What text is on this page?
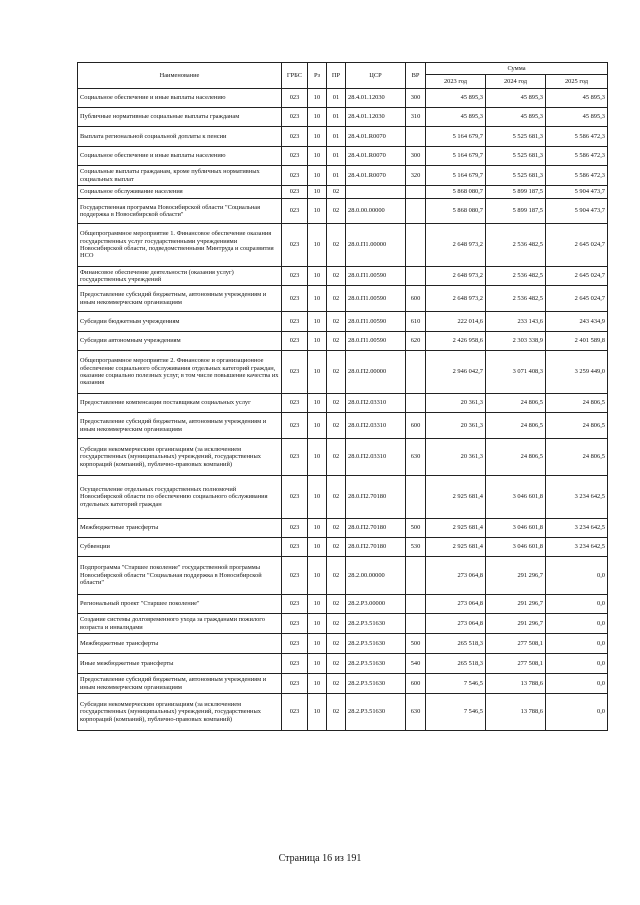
Наименование	ГРБС	Рз	ПР	ЦСР	ВР	Сумма		
						2023 год	2024 год	2025 год
Социальное обеспечение и иные выплаты населению	023	10	01	28.4.01.12030	300	45 895,3	45 895,3	45 895,3
Публичные нормативные социальные выплаты гражданам	023	10	01	28.4.01.12030	310	45 895,3	45 895,3	45 895,3
Выплата региональной социальной доплаты к пенсии	023	10	01	28.4.01.R0070		5 164 679,7	5 525 681,3	5 586 472,3
Социальное обеспечение и иные выплаты населению	023	10	01	28.4.01.R0070	300	5 164 679,7	5 525 681,3	5 586 472,3
Социальные выплаты гражданам, кроме публичных нормативных социальных выплат	023	10	01	28.4.01.R0070	320	5 164 679,7	5 525 681,3	5 586 472,3
Социальное обслуживание населения	023	10	02			5 868 080,7	5 899 187,5	5 904 473,7
Государственная программа Новосибирской области "Социальная поддержка в Новосибирской области"	023	10	02	28.0.00.00000		5 868 080,7	5 899 187,5	5 904 473,7
Общепрограммное мероприятие 1. Финансовое обеспечение оказания государственных услуг государственными учреждениями Новосибирской области, подведомственными Минтруда и соцразвития НСО	023	10	02	28.0.П1.00000		2 648 973,2	2 536 482,5	2 645 024,7
Финансовое обеспечение деятельности (оказания услуг) государственных учреждений	023	10	02	28.0.П1.00590		2 648 973,2	2 536 482,5	2 645 024,7
Предоставление субсидий бюджетным, автономным учреждениям и иным некоммерческим организациям	023	10	02	28.0.П1.00590	600	2 648 973,2	2 536 482,5	2 645 024,7
Субсидии бюджетным учреждениям	023	10	02	28.0.П1.00590	610	222 014,6	233 143,6	243 434,9
Субсидии автономным учреждениям	023	10	02	28.0.П1.00590	620	2 426 958,6	2 303 338,9	2 401 589,8
Общепрограммное мероприятие 2. Финансовое и организационное обеспечение социального обслуживания отдельных категорий граждан, оказание социально полезных услуг, в том числе повышение качества их оказания	023	10	02	28.0.П2.00000		2 946 042,7	3 071 408,3	3 259 449,0
Предоставление компенсации поставщикам социальных услуг	023	10	02	28.0.П2.03310		20 361,3	24 806,5	24 806,5
Предоставление субсидий бюджетным, автономным учреждениям и иным некоммерческим организациям	023	10	02	28.0.П2.03310	600	20 361,3	24 806,5	24 806,5
Субсидии некоммерческим организациям (за исключением государственных (муниципальных) учреждений, государственных корпораций (компаний), публично-правовых компаний)	023	10	02	28.0.П2.03310	630	20 361,3	24 806,5	24 806,5
Осуществление отдельных государственных полномочий Новосибирской области по обеспечению социального обслуживания отдельных категорий граждан	023	10	02	28.0.П2.70180		2 925 681,4	3 046 601,8	3 234 642,5
Межбюджетные трансферты	023	10	02	28.0.П2.70180	500	2 925 681,4	3 046 601,8	3 234 642,5
Субвенции	023	10	02	28.0.П2.70180	530	2 925 681,4	3 046 601,8	3 234 642,5
Подпрограмма "Старшее поколение" государственной программы Новосибирской области "Социальная поддержка в Новосибирской области"	023	10	02	28.2.00.00000		273 064,8	291 296,7	0,0
Региональный проект "Старшее поколение"	023	10	02	28.2.P3.00000		273 064,8	291 296,7	0,0
Создание системы долговременного ухода за гражданами пожилого возраста и инвалидами	023	10	02	28.2.P3.51630		273 064,8	291 296,7	0,0
Межбюджетные трансферты	023	10	02	28.2.P3.51630	500	265 518,3	277 508,1	0,0
Иные межбюджетные трансферты	023	10	02	28.2.P3.51630	540	265 518,3	277 508,1	0,0
Предоставление субсидий бюджетным, автономным учреждениям и иным некоммерческим организациям	023	10	02	28.2.P3.51630	600	7 546,5	13 788,6	0,0
Субсидии некоммерческим организациям (за исключением государственных (муниципальных) учреждений, государственных корпораций (компаний), публично-правовых компаний)	023	10	02	28.2.P3.51630	630	7 546,5	13 788,6	0,0
Страница 16 из 191
